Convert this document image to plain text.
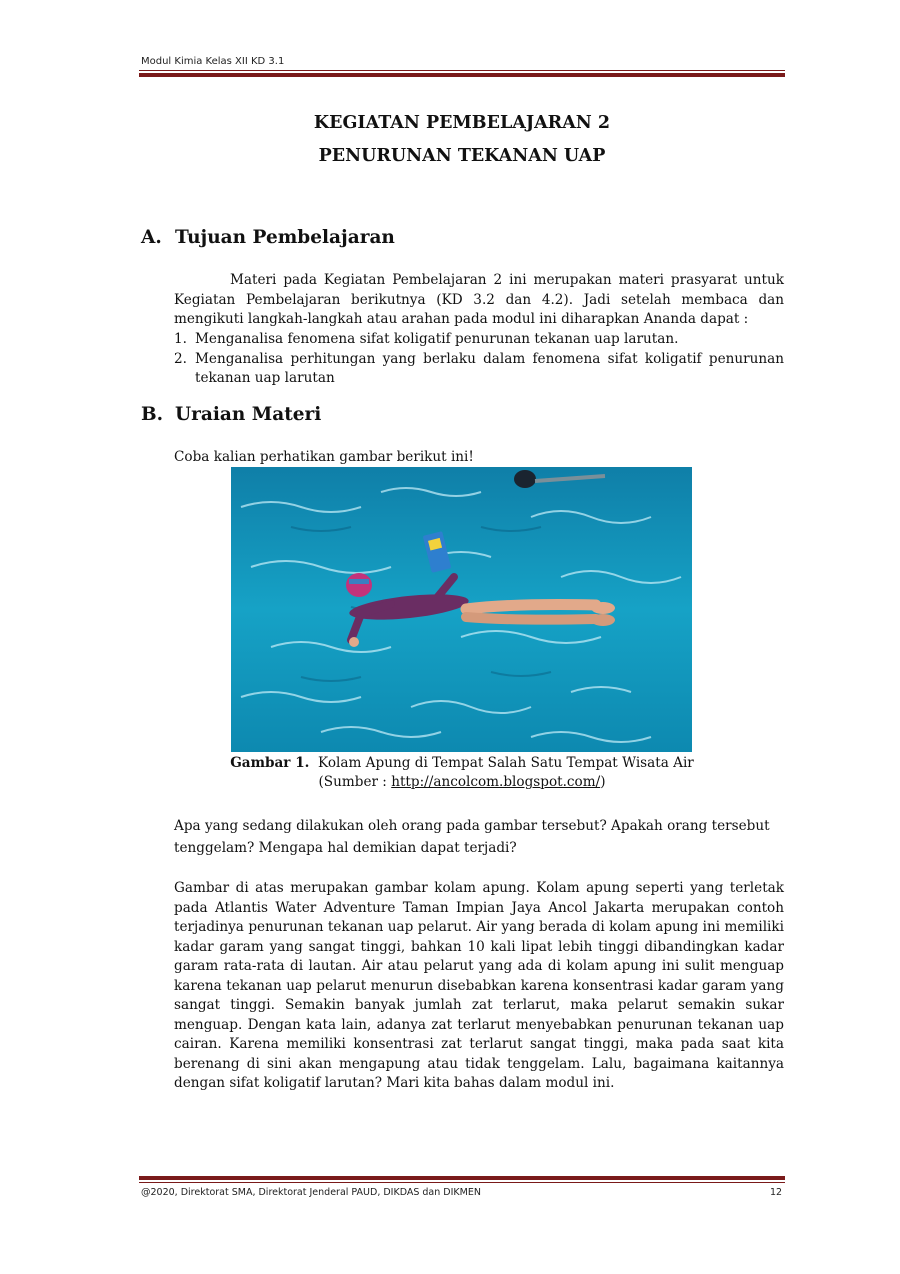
Modul Kimia Kelas XII KD 3.1
KEGIATAN PEMBELAJARAN 2
PENURUNAN TEKANAN UAP
A. Tujuan Pembelajaran
Materi pada Kegiatan Pembelajaran 2 ini merupakan materi prasyarat untuk Kegiatan Pembelajaran berikutnya (KD 3.2 dan 4.2). Jadi setelah membaca dan mengikuti langkah-langkah atau arahan pada modul ini diharapkan Ananda dapat :
1. Menganalisa fenomena sifat koligatif penurunan tekanan uap larutan.
2. Menganalisa perhitungan yang berlaku dalam fenomena sifat koligatif penurunan tekanan uap larutan
B. Uraian Materi
Coba kalian perhatikan gambar berikut ini!
Gambar 1. Kolam Apung di Tempat Salah Satu Tempat Wisata Air
(Sumber : http://ancolcom.blogspot.com/)
Apa yang sedang dilakukan oleh orang pada gambar tersebut? Apakah orang tersebut tenggelam? Mengapa hal demikian dapat terjadi?
Gambar di atas merupakan gambar kolam apung. Kolam apung seperti yang terletak pada Atlantis Water Adventure Taman Impian Jaya Ancol Jakarta merupakan contoh terjadinya penurunan tekanan uap pelarut. Air yang berada di kolam apung ini memiliki kadar garam yang sangat tinggi, bahkan 10 kali lipat lebih tinggi dibandingkan kadar garam rata-rata di lautan. Air atau pelarut yang ada di kolam apung ini sulit menguap karena tekanan uap pelarut menurun disebabkan karena konsentrasi kadar garam yang sangat tinggi. Semakin banyak jumlah zat terlarut, maka pelarut semakin sukar menguap. Dengan kata lain, adanya zat terlarut menyebabkan penurunan tekanan uap cairan. Karena memiliki konsentrasi zat terlarut sangat tinggi, maka pada saat kita berenang di sini akan mengapung atau tidak tenggelam. Lalu, bagaimana kaitannya dengan sifat koligatif larutan? Mari kita bahas dalam modul ini.
@2020, Direktorat SMA, Direktorat Jenderal PAUD, DIKDAS dan DIKMEN	12
